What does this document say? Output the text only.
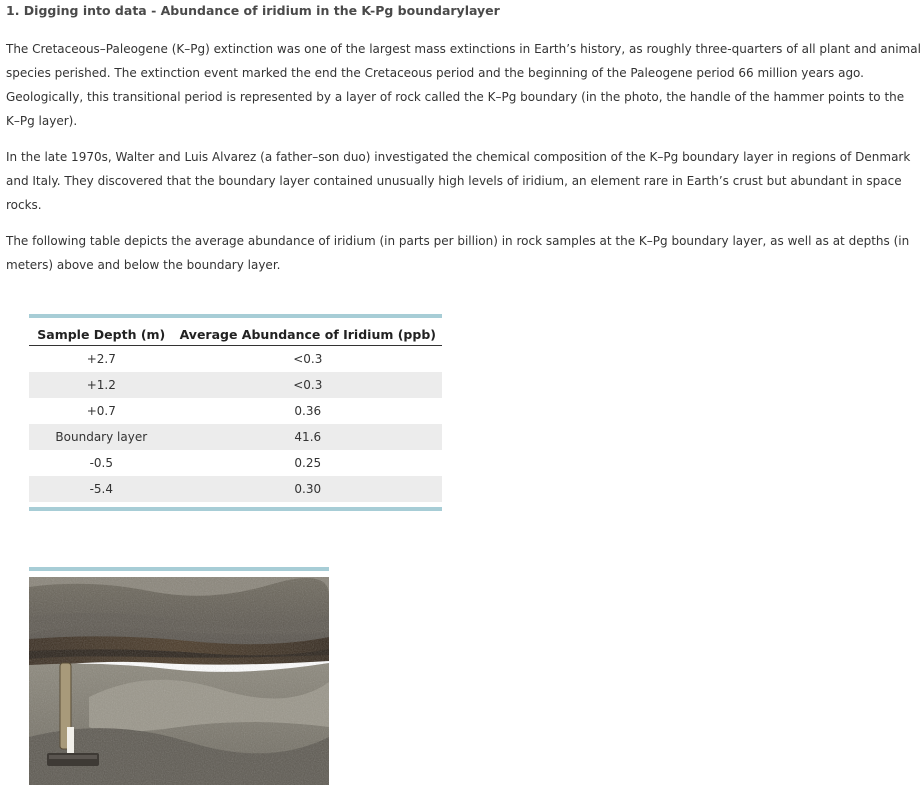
1. Digging into data - Abundance of iridium in the K-Pg boundarylayer

The Cretaceous–Paleogene (K–Pg) extinction was one of the largest mass extinctions in Earth’s history, as roughly three-quarters of all plant and animal species perished. The extinction event marked the end the Cretaceous period and the beginning of the Paleogene period 66 million years ago. Geologically, this transitional period is represented by a layer of rock called the K–Pg boundary (in the photo, the handle of the hammer points to the K–Pg layer).

In the late 1970s, Walter and Luis Alvarez (a father–son duo) investigated the chemical composition of the K–Pg boundary layer in regions of Denmark and Italy. They discovered that the boundary layer contained unusually high levels of iridium, an element rare in Earth’s crust but abundant in space rocks.

The following table depicts the average abundance of iridium (in parts per billion) in rock samples at the K–Pg boundary layer, as well as at depths (in meters) above and below the boundary layer.

Sample Depth (m)	Average Abundance of Iridium (ppb)
+2.7	<0.3
+1.2	<0.3
+0.7	0.36
Boundary layer	41.6
-0.5	0.25
-5.4	0.30
